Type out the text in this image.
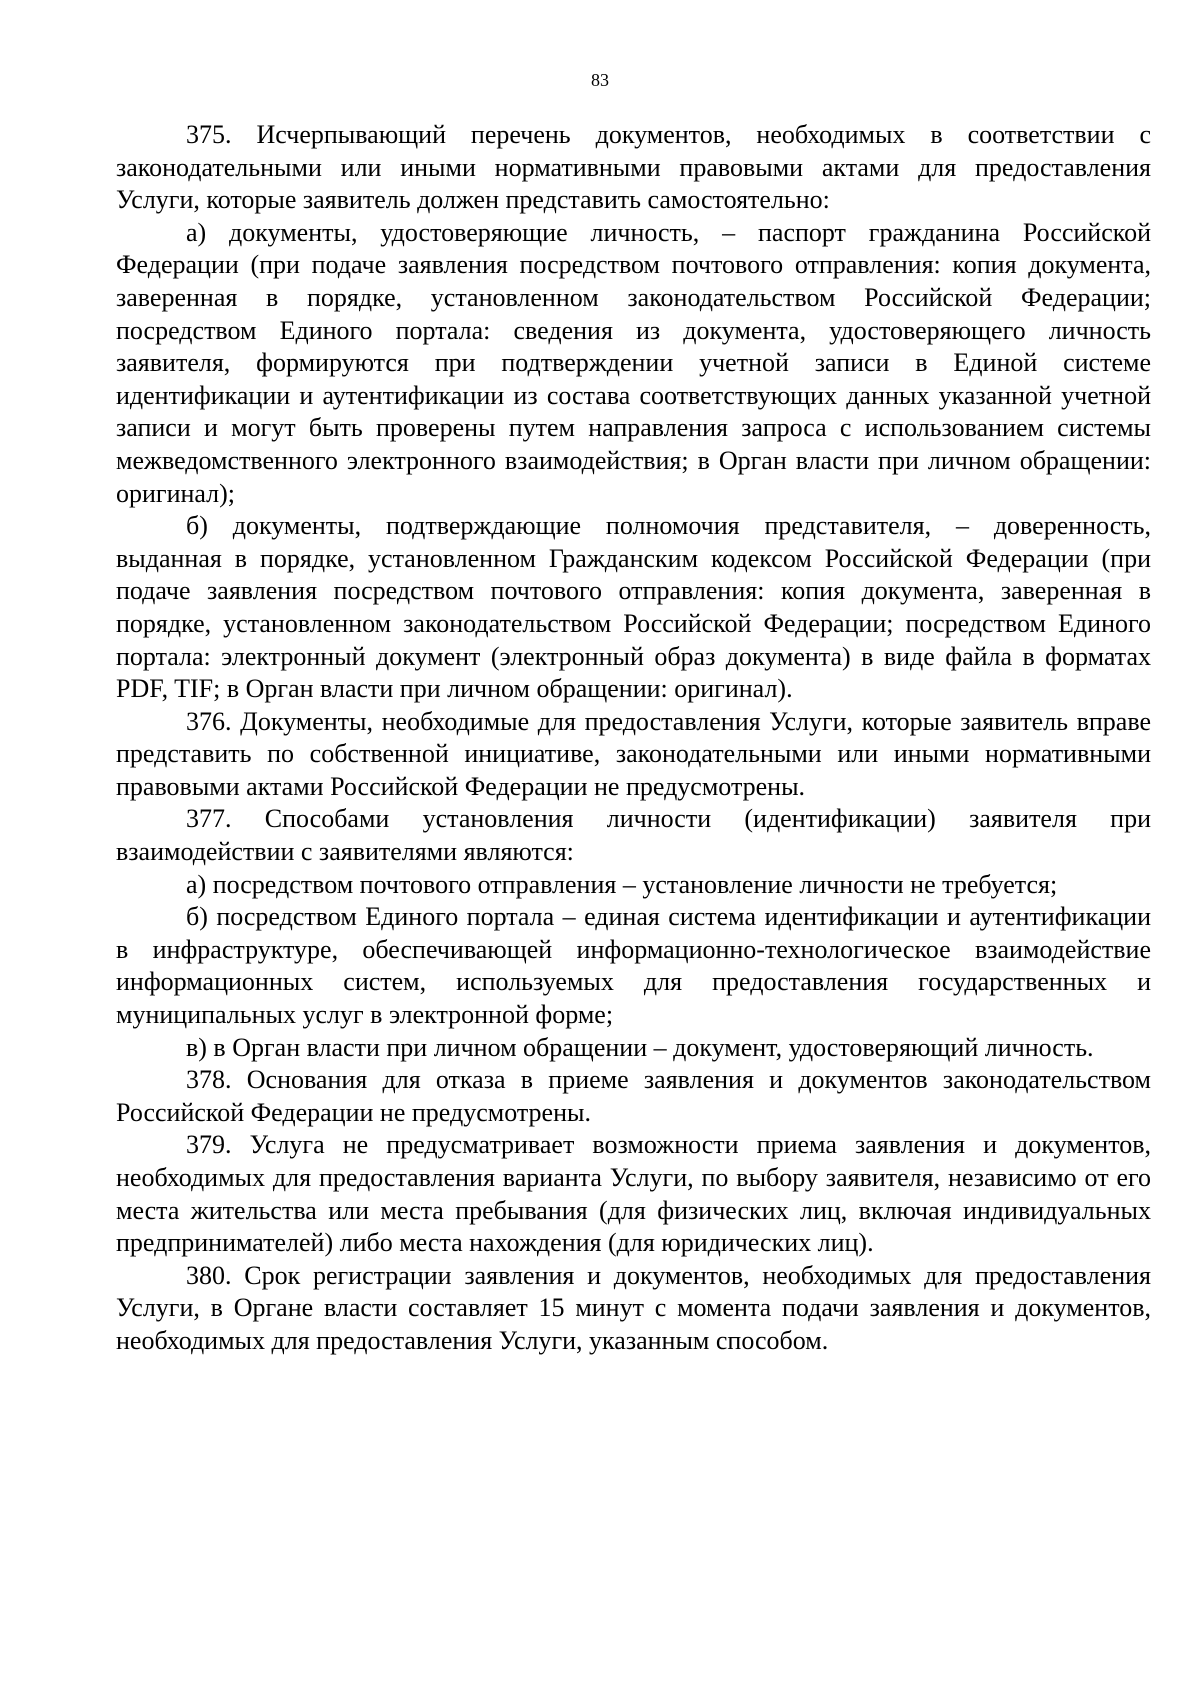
83

375. Исчерпывающий перечень документов, необходимых в соответствии с законодательными или иными нормативными правовыми актами для предоставления Услуги, которые заявитель должен представить самостоятельно:

а) документы, удостоверяющие личность, – паспорт гражданина Российской Федерации (при подаче заявления посредством почтового отправления: копия документа, заверенная в порядке, установленном законодательством Российской Федерации; посредством Единого портала: сведения из документа, удостоверяющего личность заявителя, формируются при подтверждении учетной записи в Единой системе идентификации и аутентификации из состава соответствующих данных указанной учетной записи и могут быть проверены путем направления запроса с использованием системы межведомственного электронного взаимодействия; в Орган власти при личном обращении: оригинал);

б) документы, подтверждающие полномочия представителя, – доверенность, выданная в порядке, установленном Гражданским кодексом Российской Федерации (при подаче заявления посредством почтового отправления: копия документа, заверенная в порядке, установленном законодательством Российской Федерации; посредством Единого портала: электронный документ (электронный образ документа) в виде файла в форматах PDF, TIF; в Орган власти при личном обращении: оригинал).

376. Документы, необходимые для предоставления Услуги, которые заявитель вправе представить по собственной инициативе, законодательными или иными нормативными правовыми актами Российской Федерации не предусмотрены.

377. Способами установления личности (идентификации) заявителя при взаимодействии с заявителями являются:

а) посредством почтового отправления – установление личности не требуется;

б) посредством Единого портала – единая система идентификации и аутентификации в инфраструктуре, обеспечивающей информационно-технологическое взаимодействие информационных систем, используемых для предоставления государственных и муниципальных услуг в электронной форме;

в) в Орган власти при личном обращении – документ, удостоверяющий личность.

378. Основания для отказа в приеме заявления и документов законодательством Российской Федерации не предусмотрены.

379. Услуга не предусматривает возможности приема заявления и документов, необходимых для предоставления варианта Услуги, по выбору заявителя, независимо от его места жительства или места пребывания (для физических лиц, включая индивидуальных предпринимателей) либо места нахождения (для юридических лиц).

380. Срок регистрации заявления и документов, необходимых для предоставления Услуги, в Органе власти составляет 15 минут с момента подачи заявления и документов, необходимых для предоставления Услуги, указанным способом.
